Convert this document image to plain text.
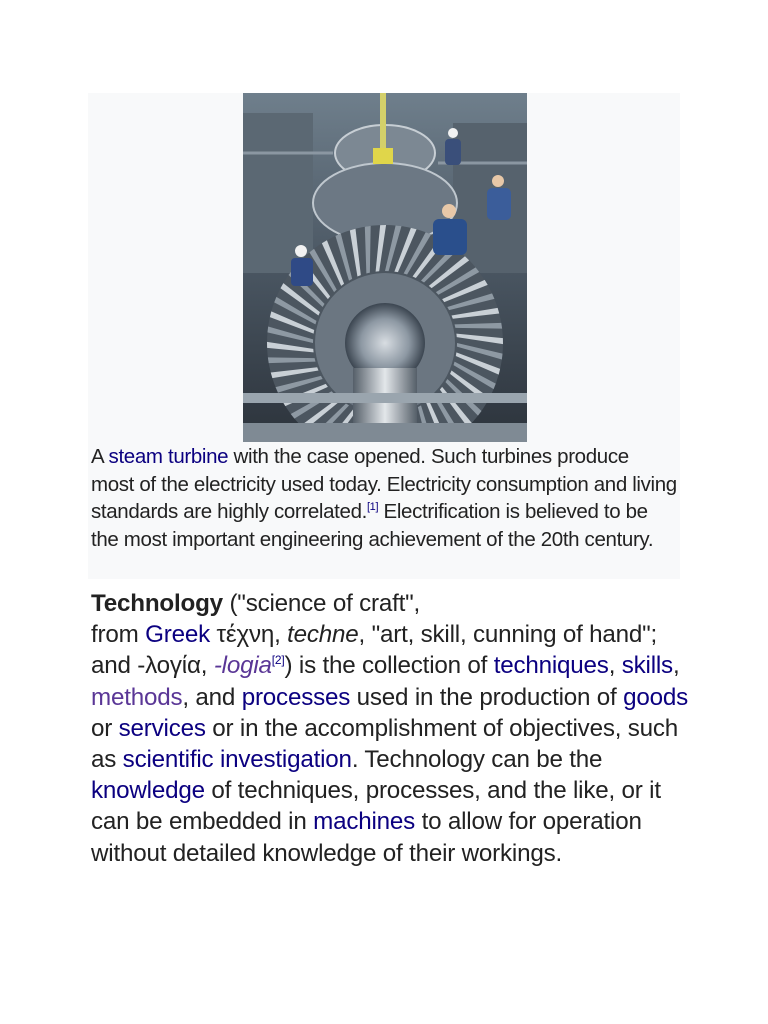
A steam turbine with the case opened. Such turbines produce most of the electricity used today. Electricity consumption and living standards are highly correlated.[1] Electrification is believed to be the most important engineering achievement of the 20th century.
Technology ("science of craft",
from Greek τέχνη, techne, "art, skill, cunning of hand"; and -λογία, -logia[2]) is the collection of techniques, skills, methods, and processes used in the production of goods or services or in the accomplishment of objectives, such as scientific investigation. Technology can be the knowledge of techniques, processes, and the like, or it can be embedded in machines to allow for operation without detailed knowledge of their workings.
